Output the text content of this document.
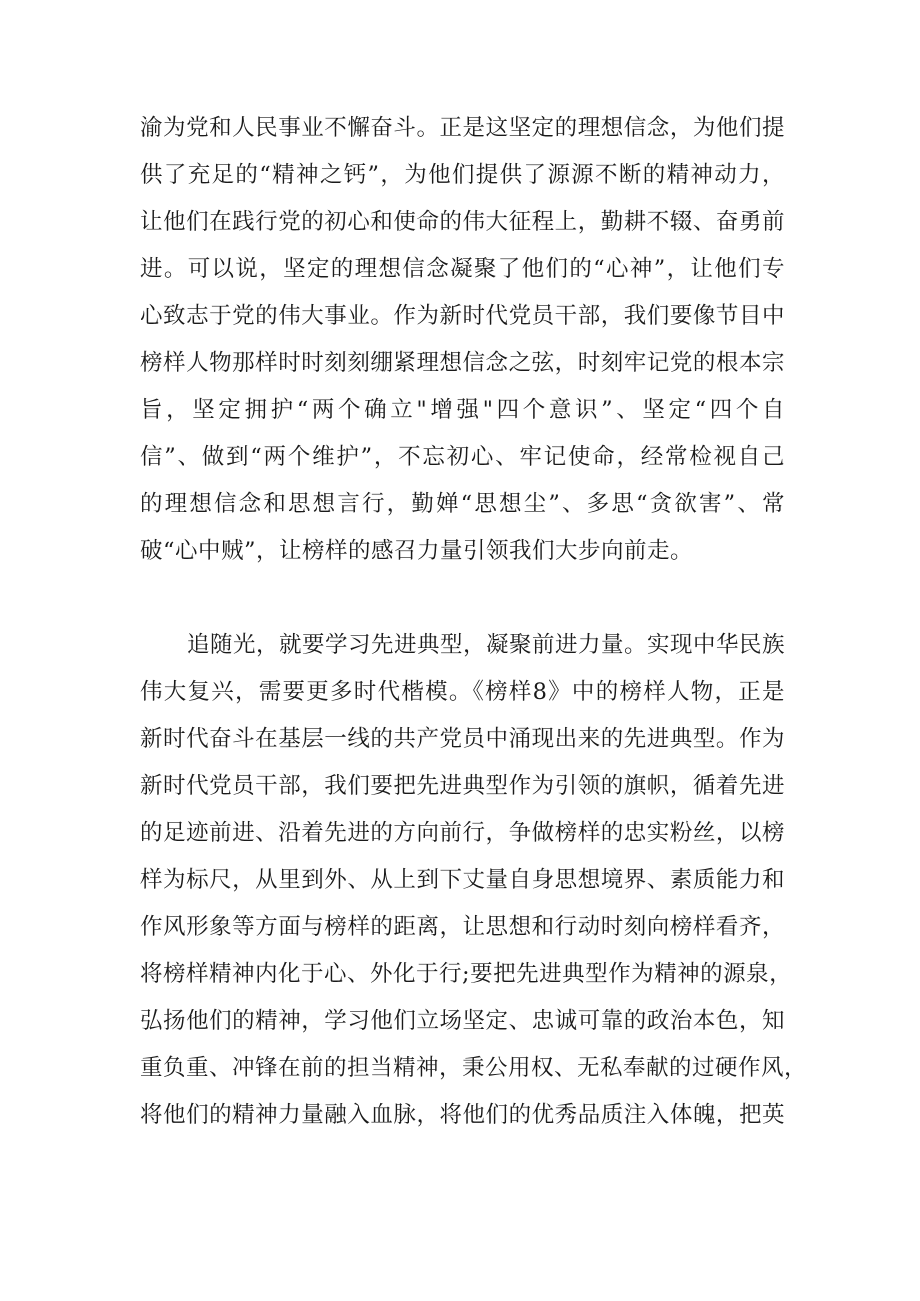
渝为党和人民事业不懈奋斗。正是这坚定的理想信念，为他们提
供了充足的“精神之钙”，为他们提供了源源不断的精神动力，
让他们在践行党的初心和使命的伟大征程上，勤耕不辍、奋勇前
进。可以说，坚定的理想信念凝聚了他们的“心神”，让他们专
心致志于党的伟大事业。作为新时代党员干部，我们要像节目中
榜样人物那样时时刻刻绷紧理想信念之弦，时刻牢记党的根本宗
旨，坚定拥护“两个确立"增强"四个意识”、坚定“四个自
信”、做到“两个维护”，不忘初心、牢记使命，经常检视自己
的理想信念和思想言行，勤婵“思想尘”、多思“贪欲害”、常
破“心中贼”，让榜样的感召力量引领我们大步向前走。
追随光，就要学习先进典型，凝聚前进力量。实现中华民族
伟大复兴，需要更多时代楷模。《榜样8》中的榜样人物，正是
新时代奋斗在基层一线的共产党员中涌现出来的先进典型。作为
新时代党员干部，我们要把先进典型作为引领的旗帜，循着先进
的足迹前进、沿着先进的方向前行，争做榜样的忠实粉丝，以榜
样为标尺，从里到外、从上到下丈量自身思想境界、素质能力和
作风形象等方面与榜样的距离，让思想和行动时刻向榜样看齐，
将榜样精神内化于心、外化于行;要把先进典型作为精神的源泉，
弘扬他们的精神，学习他们立场坚定、忠诚可靠的政治本色，知
重负重、冲锋在前的担当精神，秉公用权、无私奉献的过硬作风，
将他们的精神力量融入血脉，将他们的优秀品质注入体魄，把英
